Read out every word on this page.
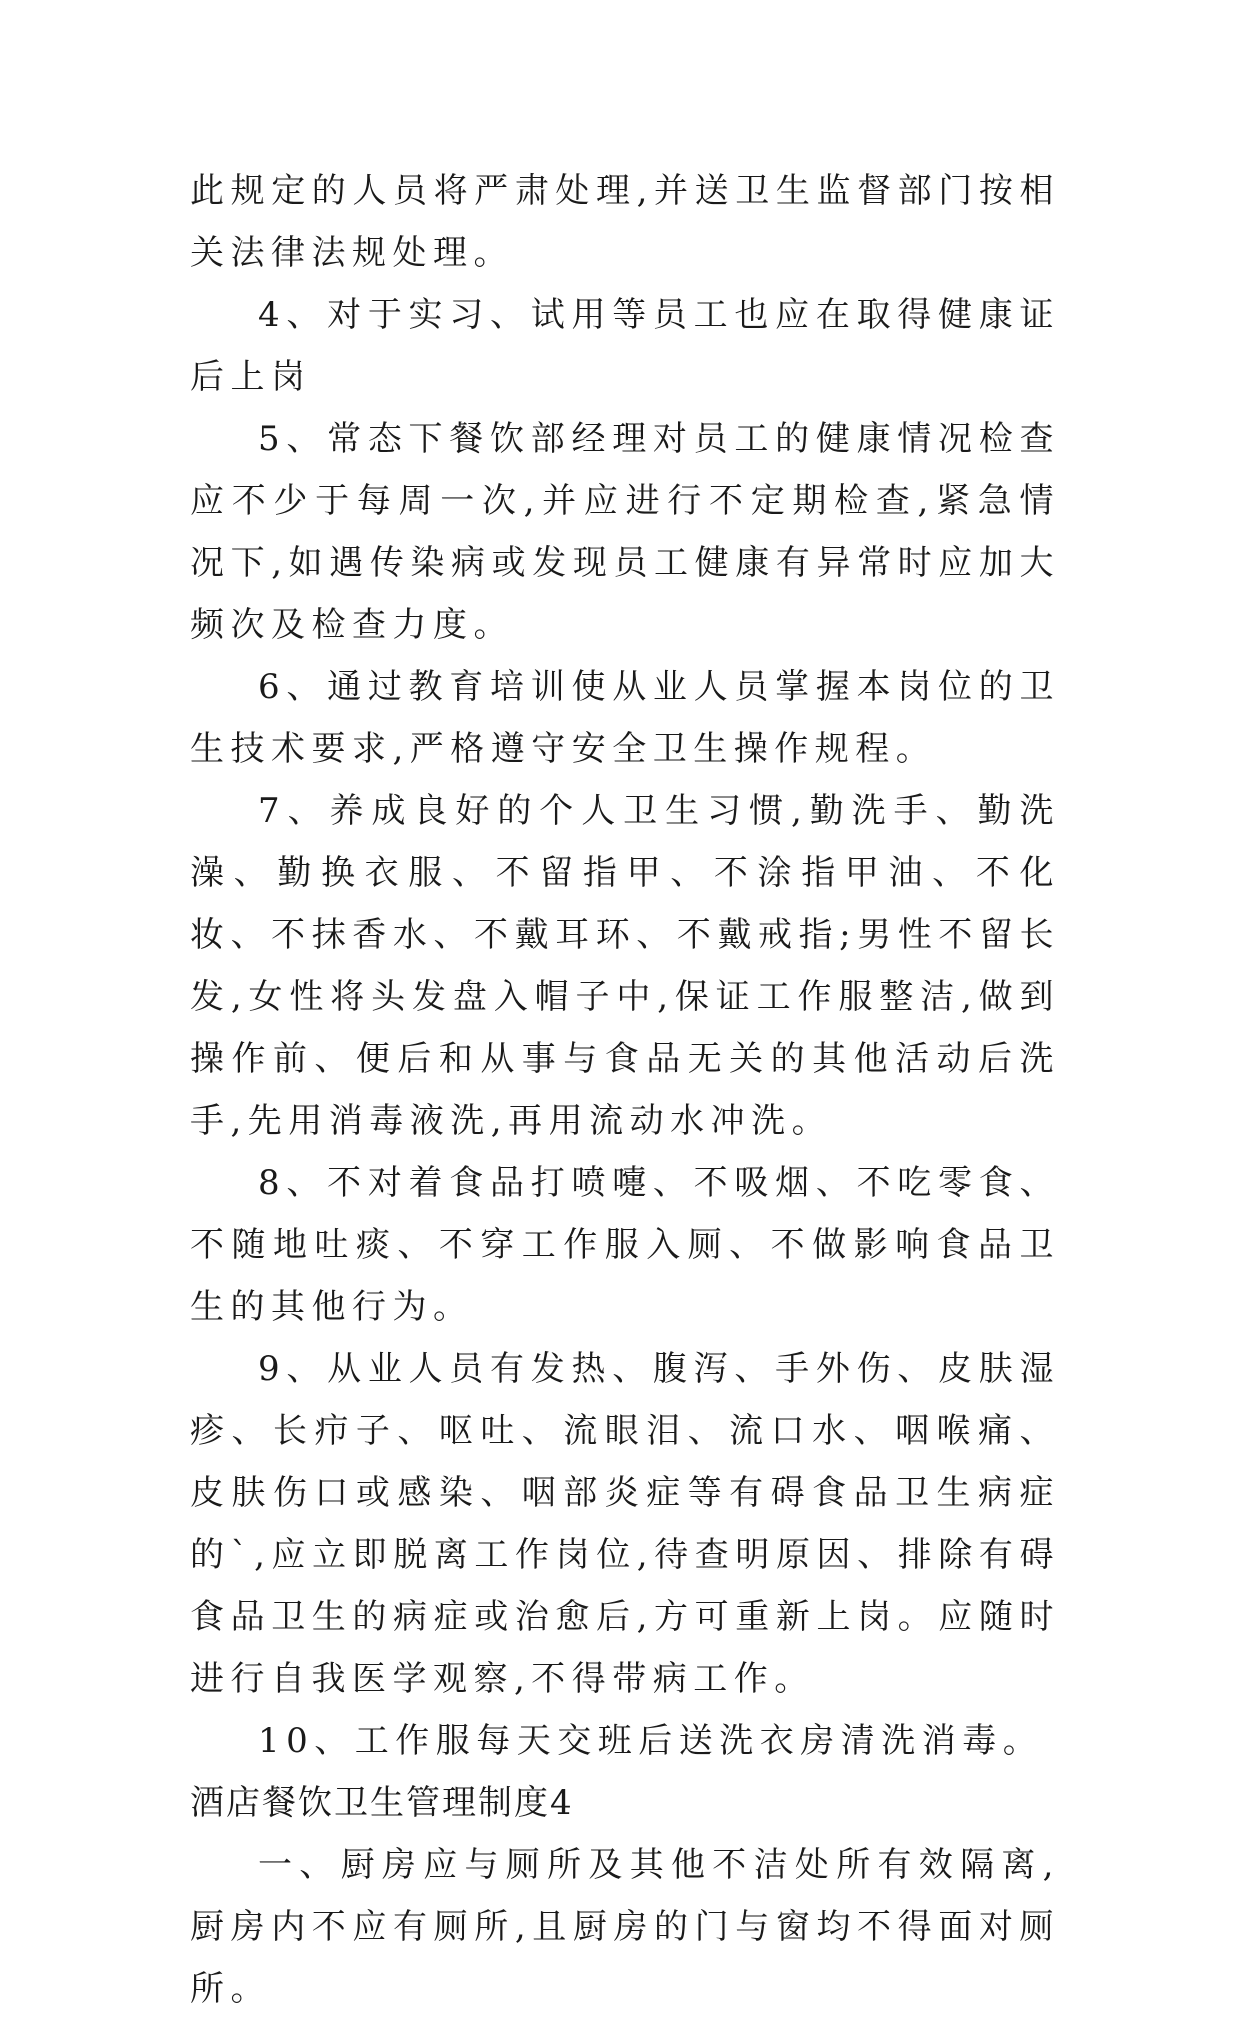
此规定的人员将严肃处理,并送卫生监督部门按相关法律法规处理。

4、对于实习、试用等员工也应在取得健康证后上岗

5、常态下餐饮部经理对员工的健康情况检查应不少于每周一次,并应进行不定期检查,紧急情况下,如遇传染病或发现员工健康有异常时应加大频次及检查力度。

6、通过教育培训使从业人员掌握本岗位的卫生技术要求,严格遵守安全卫生操作规程。

7、养成良好的个人卫生习惯,勤洗手、勤洗澡、勤换衣服、不留指甲、不涂指甲油、不化妆、不抹香水、不戴耳环、不戴戒指;男性不留长发,女性将头发盘入帽子中,保证工作服整洁,做到操作前、便后和从事与食品无关的其他活动后洗手,先用消毒液洗,再用流动水冲洗。

8、不对着食品打喷嚏、不吸烟、不吃零食、不随地吐痰、不穿工作服入厕、不做影响食品卫生的其他行为。

9、从业人员有发热、腹泻、手外伤、皮肤湿疹、长疖子、呕吐、流眼泪、流口水、咽喉痛、皮肤伤口或感染、咽部炎症等有碍食品卫生病症的`,应立即脱离工作岗位,待查明原因、排除有碍食品卫生的病症或治愈后,方可重新上岗。应随时进行自我医学观察,不得带病工作。

10、工作服每天交班后送洗衣房清洗消毒。

酒店餐饮卫生管理制度4

一、厨房应与厕所及其他不洁处所有效隔离,厨房内不应有厕所,且厨房的门与窗均不得面对厕所。
